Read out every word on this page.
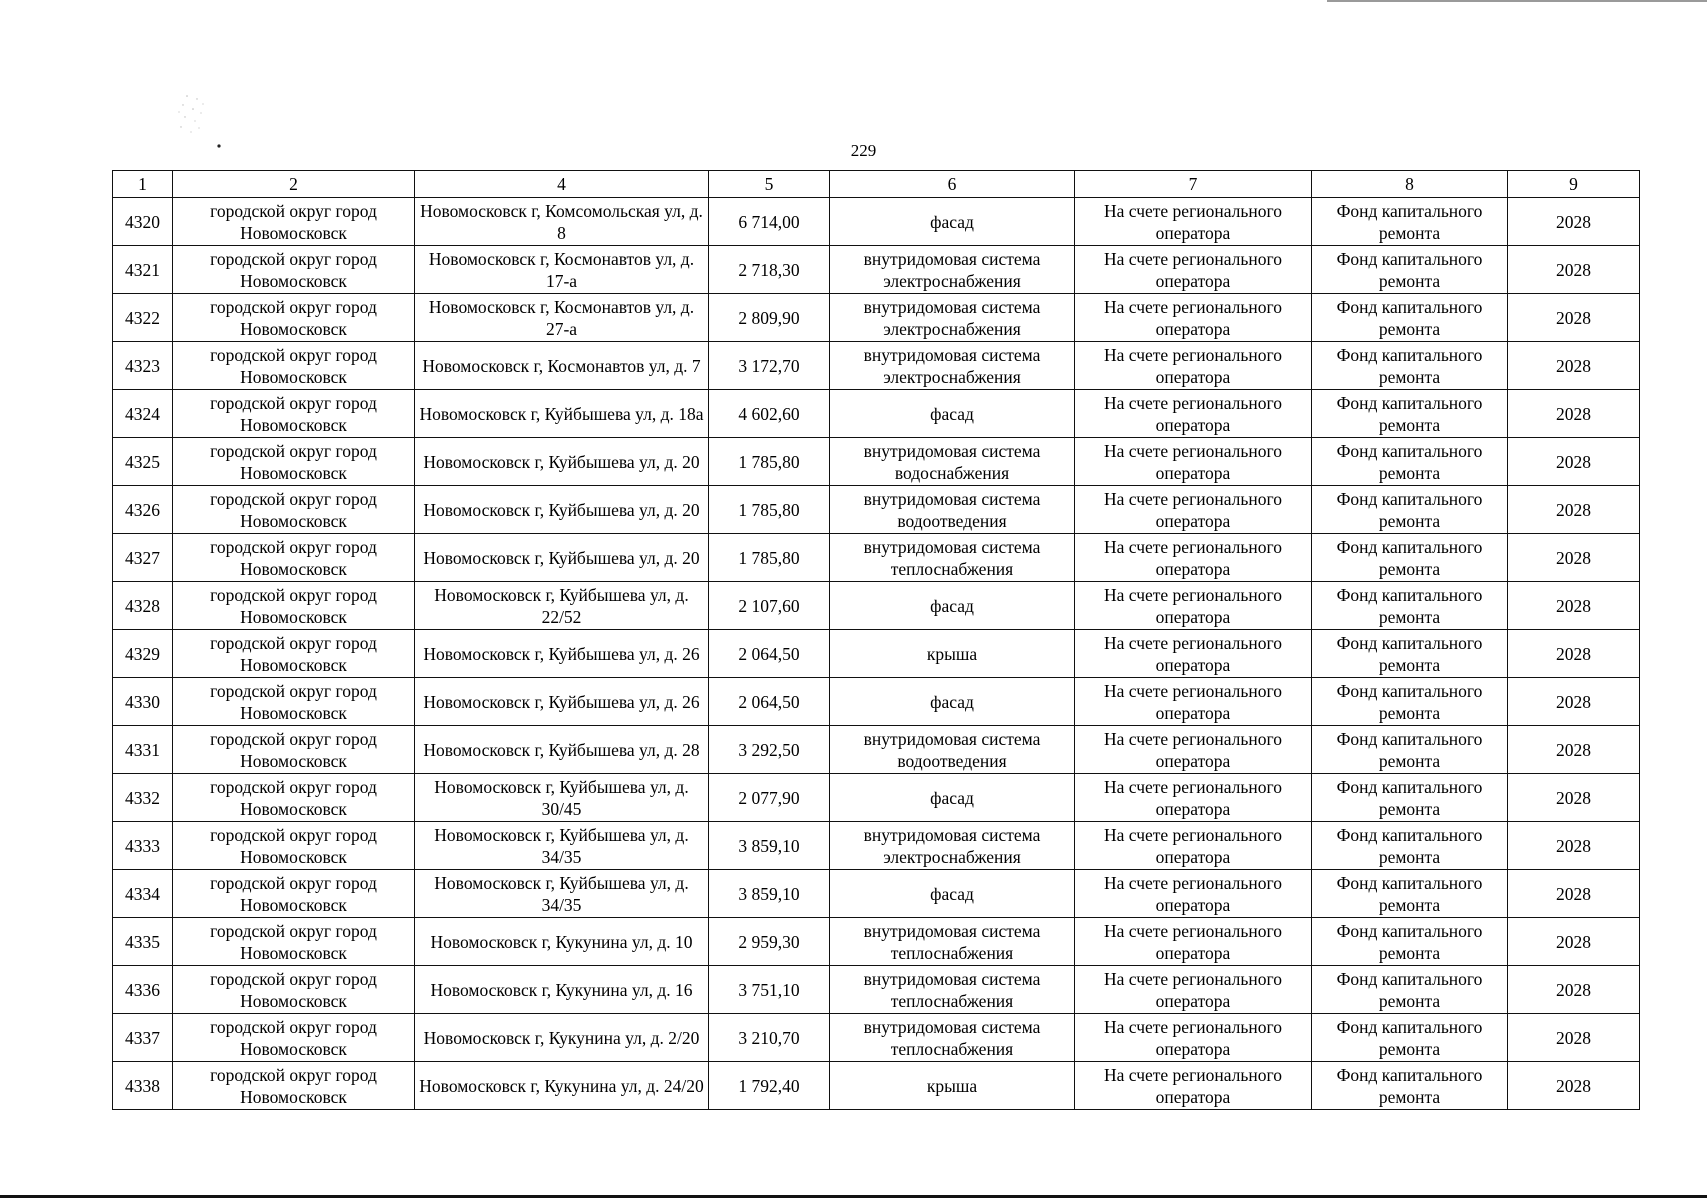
229
1	2	4	5	6	7	8	9
4320	городской округ город Новомосковск	Новомосковск г, Комсомольская ул, д. 8	6 714,00	фасад	На счете регионального оператора	Фонд капитального ремонта	2028
4321	городской округ город Новомосковск	Новомосковск г, Космонавтов ул, д. 17-а	2 718,30	внутридомовая система электроснабжения	На счете регионального оператора	Фонд капитального ремонта	2028
4322	городской округ город Новомосковск	Новомосковск г, Космонавтов ул, д. 27-а	2 809,90	внутридомовая система электроснабжения	На счете регионального оператора	Фонд капитального ремонта	2028
4323	городской округ город Новомосковск	Новомосковск г, Космонавтов ул, д. 7	3 172,70	внутридомовая система электроснабжения	На счете регионального оператора	Фонд капитального ремонта	2028
4324	городской округ город Новомосковск	Новомосковск г, Куйбышева ул, д. 18а	4 602,60	фасад	На счете регионального оператора	Фонд капитального ремонта	2028
4325	городской округ город Новомосковск	Новомосковск г, Куйбышева ул, д. 20	1 785,80	внутридомовая система водоснабжения	На счете регионального оператора	Фонд капитального ремонта	2028
4326	городской округ город Новомосковск	Новомосковск г, Куйбышева ул, д. 20	1 785,80	внутридомовая система водоотведения	На счете регионального оператора	Фонд капитального ремонта	2028
4327	городской округ город Новомосковск	Новомосковск г, Куйбышева ул, д. 20	1 785,80	внутридомовая система теплоснабжения	На счете регионального оператора	Фонд капитального ремонта	2028
4328	городской округ город Новомосковск	Новомосковск г, Куйбышева ул, д. 22/52	2 107,60	фасад	На счете регионального оператора	Фонд капитального ремонта	2028
4329	городской округ город Новомосковск	Новомосковск г, Куйбышева ул, д. 26	2 064,50	крыша	На счете регионального оператора	Фонд капитального ремонта	2028
4330	городской округ город Новомосковск	Новомосковск г, Куйбышева ул, д. 26	2 064,50	фасад	На счете регионального оператора	Фонд капитального ремонта	2028
4331	городской округ город Новомосковск	Новомосковск г, Куйбышева ул, д. 28	3 292,50	внутридомовая система водоотведения	На счете регионального оператора	Фонд капитального ремонта	2028
4332	городской округ город Новомосковск	Новомосковск г, Куйбышева ул, д. 30/45	2 077,90	фасад	На счете регионального оператора	Фонд капитального ремонта	2028
4333	городской округ город Новомосковск	Новомосковск г, Куйбышева ул, д. 34/35	3 859,10	внутридомовая система электроснабжения	На счете регионального оператора	Фонд капитального ремонта	2028
4334	городской округ город Новомосковск	Новомосковск г, Куйбышева ул, д. 34/35	3 859,10	фасад	На счете регионального оператора	Фонд капитального ремонта	2028
4335	городской округ город Новомосковск	Новомосковск г, Кукунина ул, д. 10	2 959,30	внутридомовая система теплоснабжения	На счете регионального оператора	Фонд капитального ремонта	2028
4336	городской округ город Новомосковск	Новомосковск г, Кукунина ул, д. 16	3 751,10	внутридомовая система теплоснабжения	На счете регионального оператора	Фонд капитального ремонта	2028
4337	городской округ город Новомосковск	Новомосковск г, Кукунина ул, д. 2/20	3 210,70	внутридомовая система теплоснабжения	На счете регионального оператора	Фонд капитального ремонта	2028
4338	городской округ город Новомосковск	Новомосковск г, Кукунина ул, д. 24/20	1 792,40	крыша	На счете регионального оператора	Фонд капитального ремонта	2028
